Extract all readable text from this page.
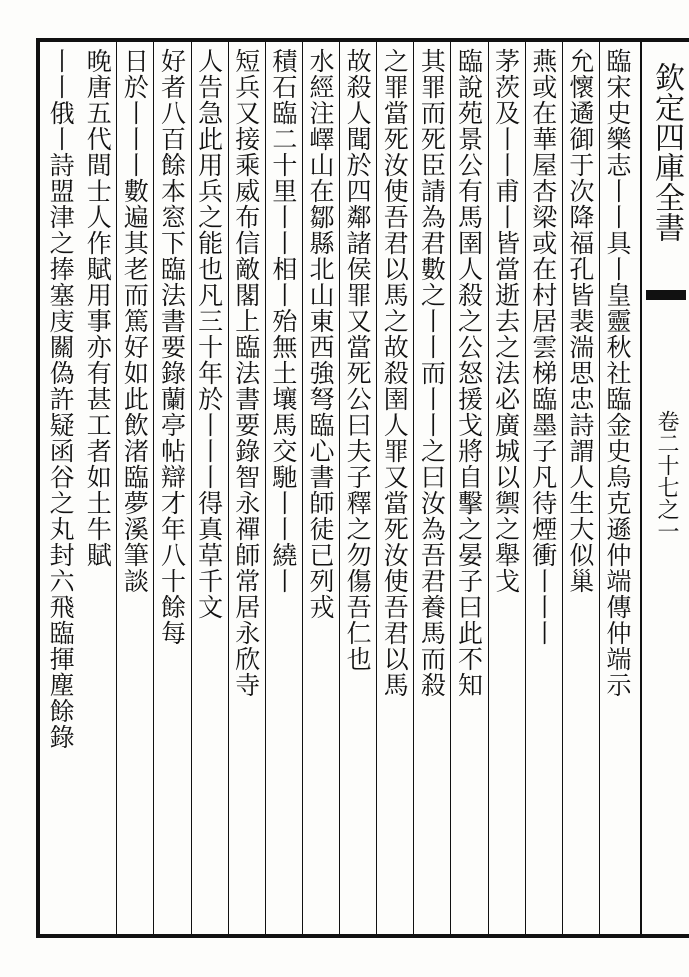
欽定四庫全書
卷二十七之一
臨宋史樂志丨丨具丨皇靈秋社臨金史烏克遜仲端傳仲端示
允懷遹御于次降福孔皆裴湍思忠詩謂人生大似巢
燕或在華屋杏梁或在村居雲梯臨墨子凡待煙衝丨丨丨
茅茨及丨丨甫丨皆當逝去之法必廣城以禦之舉戈
臨說苑景公有馬圉人殺之公怒援戈將自擊之晏子曰此不知
其罪而死臣請為君數之丨丨而丨丨之曰汝為吾君養馬而殺
之罪當死汝使吾君以馬之故殺圉人罪又當死汝使吾君以馬
故殺人聞於四鄰諸侯罪又當死公曰夫子釋之勿傷吾仁也
水經注嶧山在鄒縣北山東西強弩臨心書師徒已列戎
積石臨二十里丨丨相丨殆無土壤馬交馳丨丨繞丨
短兵又接乘威布信敵閣上臨法書要錄智永禪師常居永欣寺
人告急此用兵之能也凡三十年於丨丨丨得真草千文
好者八百餘本窓下臨法書要錄蘭亭帖辯才年八十餘每
日於丨丨丨數遍其老而篤好如此飲渚臨夢溪筆談
晚唐五代間士人作賦用事亦有甚工者如土牛賦
丨丨俄丨詩盟津之捧塞庋關偽許疑函谷之丸封六飛臨揮塵餘錄
